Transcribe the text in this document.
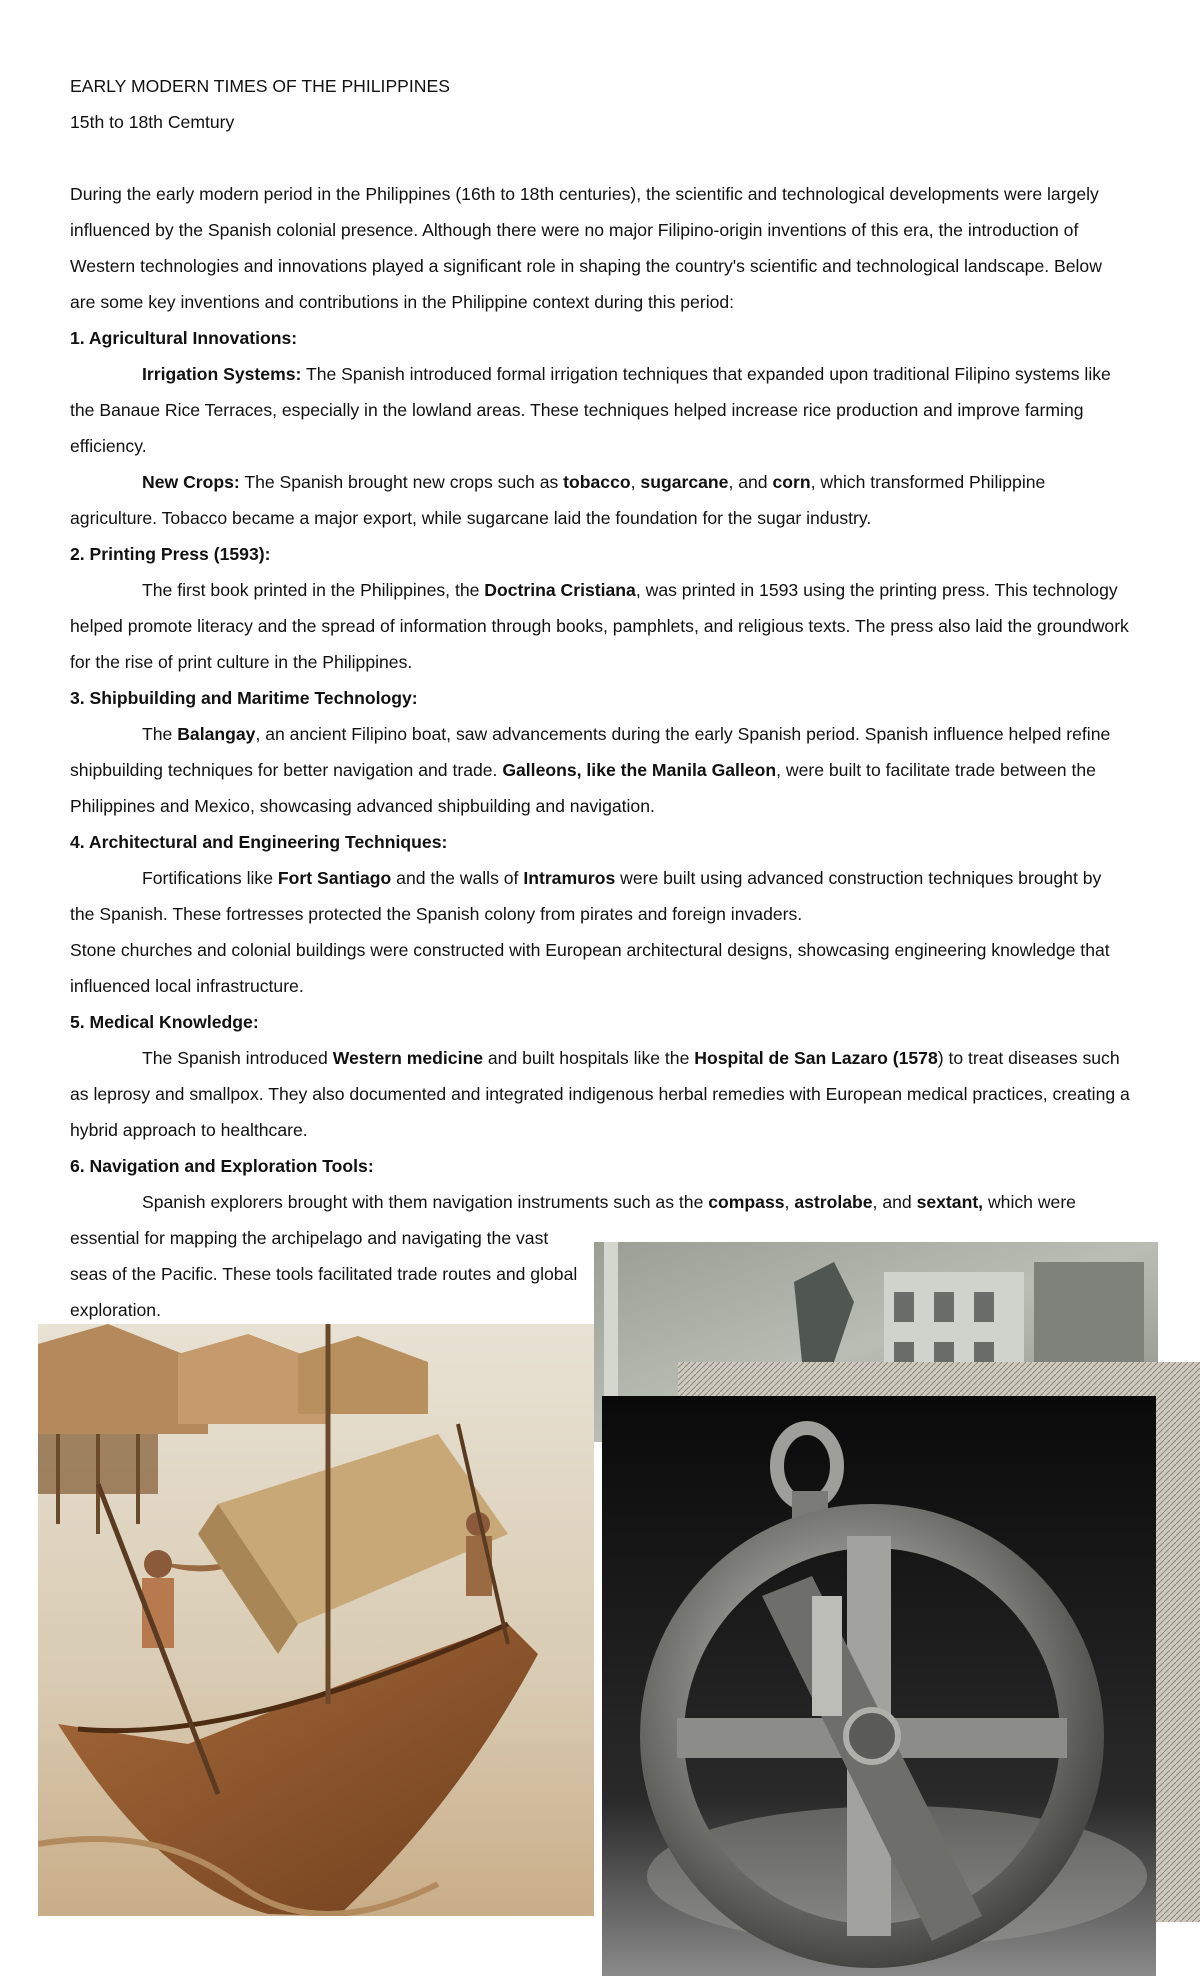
EARLY MODERN TIMES OF THE PHILIPPINES

15th to 18th Cemtury

During the early modern period in the Philippines (16th to 18th centuries), the scientific and technological developments were largely influenced by the Spanish colonial presence. Although there were no major Filipino-origin inventions of this era, the introduction of Western technologies and innovations played a significant role in shaping the country's scientific and technological landscape. Below are some key inventions and contributions in the Philippine context during this period:

1. Agricultural Innovations:

Irrigation Systems: The Spanish introduced formal irrigation techniques that expanded upon traditional Filipino systems like the Banaue Rice Terraces, especially in the lowland areas. These techniques helped increase rice production and improve farming efficiency.

New Crops: The Spanish brought new crops such as tobacco, sugarcane, and corn, which transformed Philippine agriculture. Tobacco became a major export, while sugarcane laid the foundation for the sugar industry.

2. Printing Press (1593):

The first book printed in the Philippines, the Doctrina Cristiana, was printed in 1593 using the printing press. This technology helped promote literacy and the spread of information through books, pamphlets, and religious texts. The press also laid the groundwork for the rise of print culture in the Philippines.

3. Shipbuilding and Maritime Technology:

The Balangay, an ancient Filipino boat, saw advancements during the early Spanish period. Spanish influence helped refine shipbuilding techniques for better navigation and trade. Galleons, like the Manila Galleon, were built to facilitate trade between the Philippines and Mexico, showcasing advanced shipbuilding and navigation.

4. Architectural and Engineering Techniques:

Fortifications like Fort Santiago and the walls of Intramuros were built using advanced construction techniques brought by the Spanish. These fortresses protected the Spanish colony from pirates and foreign invaders.

Stone churches and colonial buildings were constructed with European architectural designs, showcasing engineering knowledge that influenced local infrastructure.

5. Medical Knowledge:

The Spanish introduced Western medicine and built hospitals like the Hospital de San Lazaro (1578) to treat diseases such as leprosy and smallpox. They also documented and integrated indigenous herbal remedies with European medical practices, creating a hybrid approach to healthcare.

6. Navigation and Exploration Tools:

Spanish explorers brought with them navigation instruments such as the compass, astrolabe, and sextant, which were essential for mapping the archipelago and navigating the vast

seas of the Pacific. These tools facilitated trade routes and global

exploration.
